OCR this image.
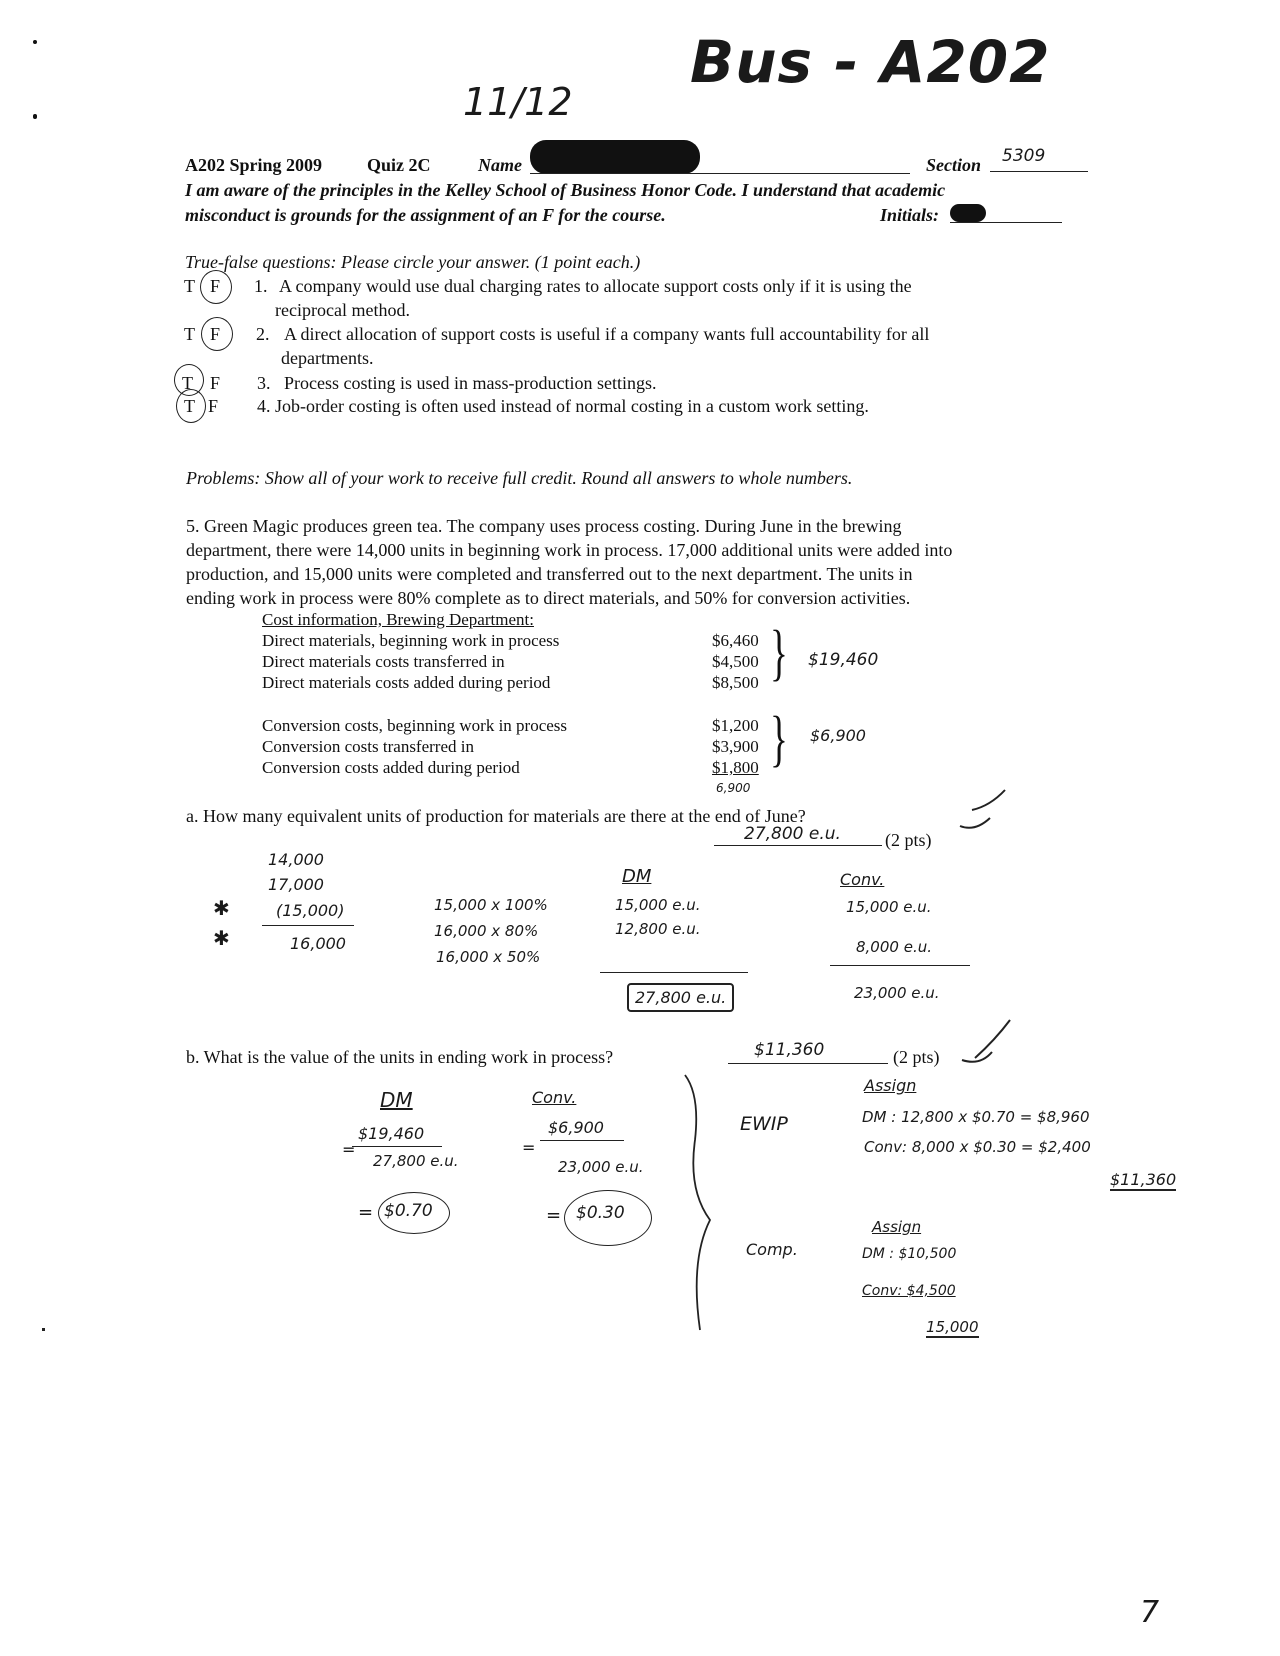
Bus - A202
11/12
A202 Spring 2009 Quiz 2C	Name	Section 5309
I am aware of the principles in the Kelley School of Business Honor Code. I understand that academic
misconduct is grounds for the assignment of an F for the course.	Initials:
True-false questions: Please circle your answer. (1 point each.)
T F 1. A company would use dual charging rates to allocate support costs only if it is using the
reciprocal method.
T F 2. A direct allocation of support costs is useful if a company wants full accountability for all
departments.
T F 3. Process costing is used in mass-production settings.
T F 4. Job-order costing is often used instead of normal costing in a custom work setting.
Problems: Show all of your work to receive full credit. Round all answers to whole numbers.
5. Green Magic produces green tea. The company uses process costing. During June in the brewing
department, there were 14,000 units in beginning work in process. 17,000 additional units were added into
production, and 15,000 units were completed and transferred out to the next department. The units in
ending work in process were 80% complete as to direct materials, and 50% for conversion activities.
Cost information, Brewing Department:
Direct materials, beginning work in process	$6,460
Direct materials costs transferred in	$4,500
Direct materials costs added during period	$8,500
Conversion costs, beginning work in process	$1,200
Conversion costs transferred in	$3,900
Conversion costs added during period	$1,800
} $19,460
} $6,900
6,900
a. How many equivalent units of production for materials are there at the end of June?
27,800 e.u. (2 pts)
14,000
17,000
(15,000)
16,000
✱
✱
15,000 x 100%
16,000 x 80%
16,000 x 50%
DM
15,000 e.u.
12,800 e.u.
27,800 e.u.
Conv.
15,000 e.u.
8,000 e.u.
23,000 e.u.
b. What is the value of the units in ending work in process?	$11,360	(2 pts)
DM
$19,460
=
27,800 e.u.
= $0.70
Conv.
$6,900
=
23,000 e.u.
= $0.30
EWIP
Assign
DM : 12,800 x $0.70 = $8,960
Conv: 8,000 x $0.30 = $2,400
$11,360
Comp.
Assign
DM : $10,500
Conv: $4,500
15,000
7
